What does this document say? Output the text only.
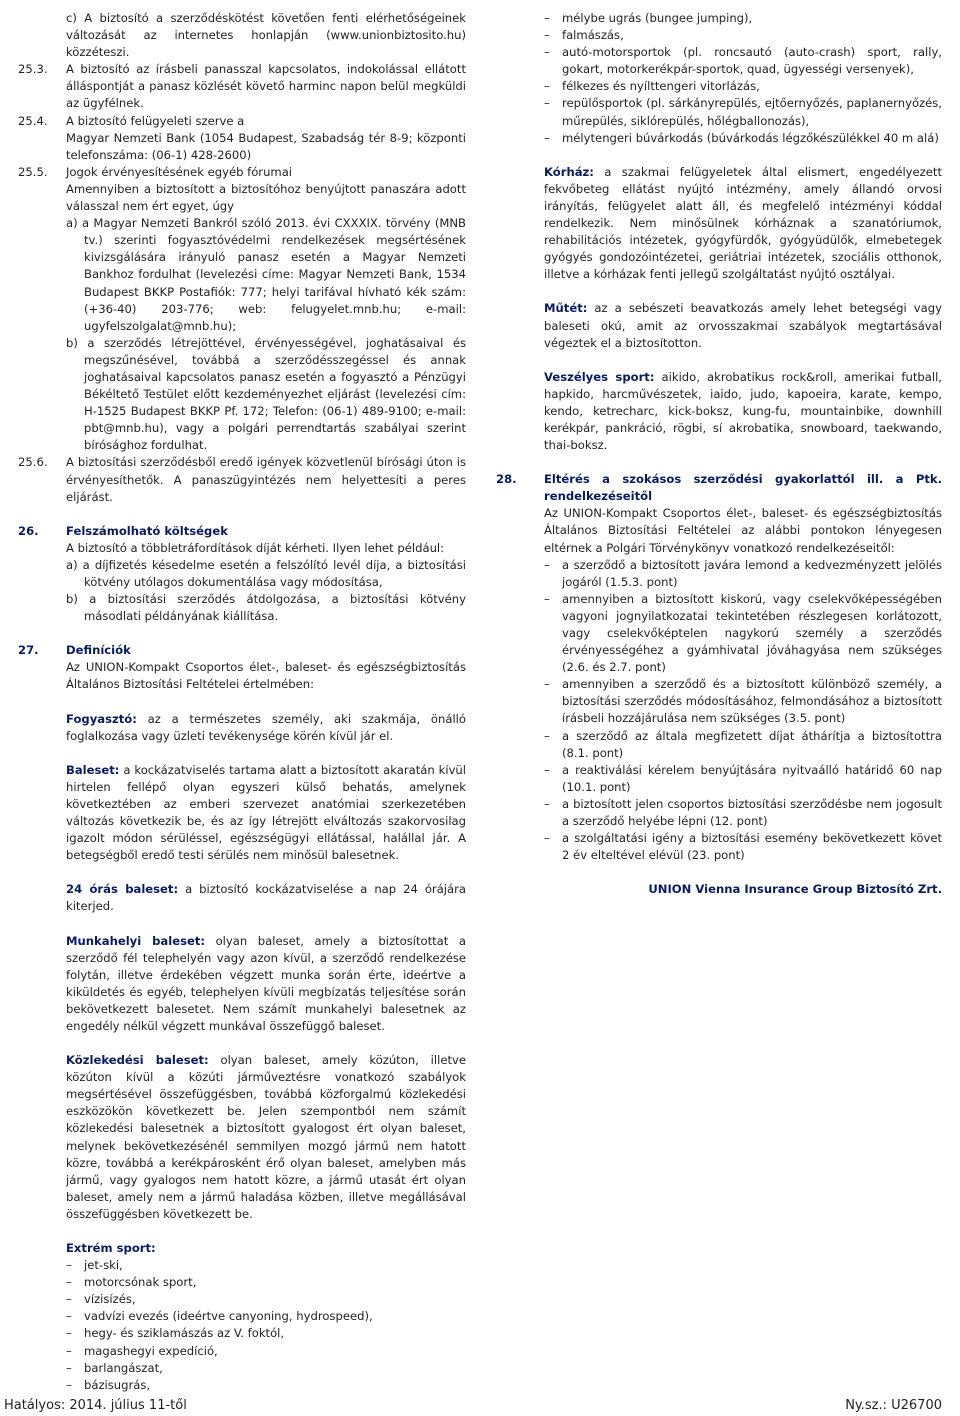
c) A biztosító a szerződéskötést követően fenti elérhetőségeinek változását az internetes honlapján (www.unionbiztosito.hu) közzéteszi.

25.3.	A biztosító az írásbeli panasszal kapcsolatos, indokolással ellátott álláspontját a panasz közlését követő harminc napon belül megküldi az ügyfélnek.

25.4.	A biztosító felügyeleti szerve a

Magyar Nemzeti Bank (1054 Budapest, Szabadság tér 8-9; központi telefonszáma: (06-1) 428-2600)

25.5.	Jogok érvényesítésének egyéb fórumai

Amennyiben a biztosított a biztosítóhoz benyújtott panaszára adott válasszal nem ért egyet, úgy

a) a Magyar Nemzeti Bankról szóló 2013. évi CXXXIX. törvény (MNB tv.) szerinti fogyasztóvédelmi rendelkezések megsértésének kivizsgálására irányuló panasz esetén a Magyar Nemzeti Bankhoz fordulhat (levelezési címe: Magyar Nemzeti Bank, 1534 Budapest BKKP Postafiók: 777; helyi tarifával hívható kék szám: (+36-40) 203-776; web: felugyelet.mnb.hu; e-mail: ugyfelszolgalat@mnb.hu);

b) a szerződés létrejöttével, érvényességével, joghatásaival és megszűnésével, továbbá a szerződésszegéssel és annak joghatásaival kapcsolatos panasz esetén a fogyasztó a Pénzügyi Békéltető Testület előtt kezdeményezhet eljárást (levelezési cím: H-1525 Budapest BKKP Pf. 172; Telefon: (06-1) 489-9100; e-mail: pbt@mnb.hu), vagy a polgári perrendtartás szabályai szerint bírósághoz fordulhat.

25.6.	A biztosítási szerződésből eredő igények közvetlenül bírósági úton is érvényesíthetők. A panaszügyintézés nem helyettesíti a peres eljárást.

26.	Felszámolható költségek

A biztosító a többletráfordítások díját kérheti. Ilyen lehet például:

a) a díjfizetés késedelme esetén a felszólító levél díja, a biztosítási kötvény utólagos dokumentálása vagy módosítása,

b) a biztosítási szerződés átdolgozása, a biztosítási kötvény másodlati példányának kiállítása.

27.	Definíciók

Az UNION-Kompakt Csoportos élet-, baleset- és egészségbiztosítás Általános Biztosítási Feltételei értelmében:

Fogyasztó: az a természetes személy, aki szakmája, önálló foglalkozása vagy üzleti tevékenysége körén kívül jár el.

Baleset: a kockázatviselés tartama alatt a biztosított akaratán kívül hirtelen fellépő olyan egyszeri külső behatás, amelynek következtében az emberi szervezet anatómiai szerkezetében változás következik be, és az így létrejött elváltozás szakorvosilag igazolt módon sérüléssel, egészségügyi ellátással, halállal jár. A betegségből eredő testi sérülés nem minősül balesetnek.

24 órás baleset: a biztosító kockázatviselése a nap 24 órájára kiterjed.

Munkahelyi baleset: olyan baleset, amely a biztosítottat a szerződő fél telephelyén vagy azon kívül, a szerződő rendelkezése folytán, illetve érdekében végzett munka során érte, ideértve a kiküldetés és egyéb, telephelyen kívüli megbízatás teljesítése során bekövetkezett balesetet. Nem számít munkahelyi balesetnek az engedély nélkül végzett munkával összefüggő baleset.

Közlekedési baleset: olyan baleset, amely közúton, illetve közúton kívül a közúti járműveztésre vonatkozó szabályok megsértésével összefüggésben, továbbá közforgalmú közlekedési eszközökön következett be. Jelen szempontból nem számít közlekedési balesetnek a biztosított gyalogost ért olyan baleset, melynek bekövetkezésénél semmilyen mozgó jármű nem hatott közre, továbbá a kerékpárosként érő olyan baleset, amelyben más jármű, vagy gyalogos nem hatott közre, a jármű utasát ért olyan baleset, amely nem a jármű haladása közben, illetve megállásával összefüggésben következett be.

Extrém sport:

–	jet-ski,
–	motorcsónak sport,
–	vízisízés,
–	vadvízi evezés (ideértve canyoning, hydrospeed),
–	hegy- és sziklamászás az V. foktól,
–	magashegyi expedíció,
–	barlangászat,
–	bázisugrás,
–	mélybe ugrás (bungee jumping),
–	falmászás,
–	autó-motorsportok (pl. roncsautó (auto-crash) sport, rally, gokart, motorkerékpár-sportok, quad, ügyességi versenyek),
–	félkezes és nyílttengeri vitorlázás,
–	repülősportok (pl. sárkányrepülés, ejtőernyőzés, paplanernyőzés, műrepülés, siklórepülés, hőlégballonozás),
–	mélytengeri búvárkodás (búvárkodás légzőkészülékkel 40 m alá)

Kórház: a szakmai felügyeletek által elismert, engedélyezett fekvőbeteg ellátást nyújtó intézmény, amely állandó orvosi irányítás, felügyelet alatt áll, és megfelelő intézményi kóddal rendelkezik. Nem minősülnek kórháznak a szanatóriumok, rehabilitációs intézetek, gyógyfürdők, gyógyüdülők, elmebetegek gyógyés gondozóintézetei, geriátriai intézetek, szociális otthonok, illetve a kórházak fenti jellegű szolgáltatást nyújtó osztályai.

Műtét: az a sebészeti beavatkozás amely lehet betegségi vagy baleseti okú, amit az orvosszakmai szabályok megtartásával végeztek el a biztosítotton.

Veszélyes sport: aikido, akrobatikus rock&roll, amerikai futball, hapkido, harcművészetek, iaido, judo, kapoeira, karate, kempo, kendo, ketrecharc, kick-boksz, kung-fu, mountainbike, downhill kerékpár, pankráció, rögbi, sí akrobatika, snowboard, taekwando, thai-boksz.

28.	Eltérés a szokásos szerződési gyakorlattól ill. a Ptk. rendelkezéseitől

Az UNION-Kompakt Csoportos élet-, baleset- és egészségbiztosítás Általános Biztosítási Feltételei az alábbi pontokon lényegesen eltérnek a Polgári Törvénykönyv vonatkozó rendelkezéseitől:

–	a szerződő a biztosított javára lemond a kedvezményzett jelölés jogáról (1.5.3. pont)
–	amennyiben a biztosított kiskorú, vagy cselekvőképességében vagyoni jognyilatkozatai tekintetében részlegesen korlátozott, vagy cselekvőképtelen nagykorú személy a szerződés érvényességéhez a gyámhivatal jóváhagyása nem szükséges (2.6. és 2.7. pont)
–	amennyiben a szerződő és a biztosított különböző személy, a biztosítási szerződés módosításához, felmondásához a biztosított írásbeli hozzájárulása nem szükséges (3.5. pont)
–	a szerződő az általa megfizetett díjat áthárítja a biztosítottra (8.1. pont)
–	a reaktiválási kérelem benyújtására nyitvaálló határidő 60 nap (10.1. pont)
–	a biztosított jelen csoportos biztosítási szerződésbe nem jogosult a szerződő helyébe lépni (12. pont)
–	a szolgáltatási igény a biztosítási esemény bekövetkezett követ 2 év elteltével elévül (23. pont)

UNION Vienna Insurance Group Biztosító Zrt.

Hatályos: 2014. július 11-től	Ny.sz.: U26700
